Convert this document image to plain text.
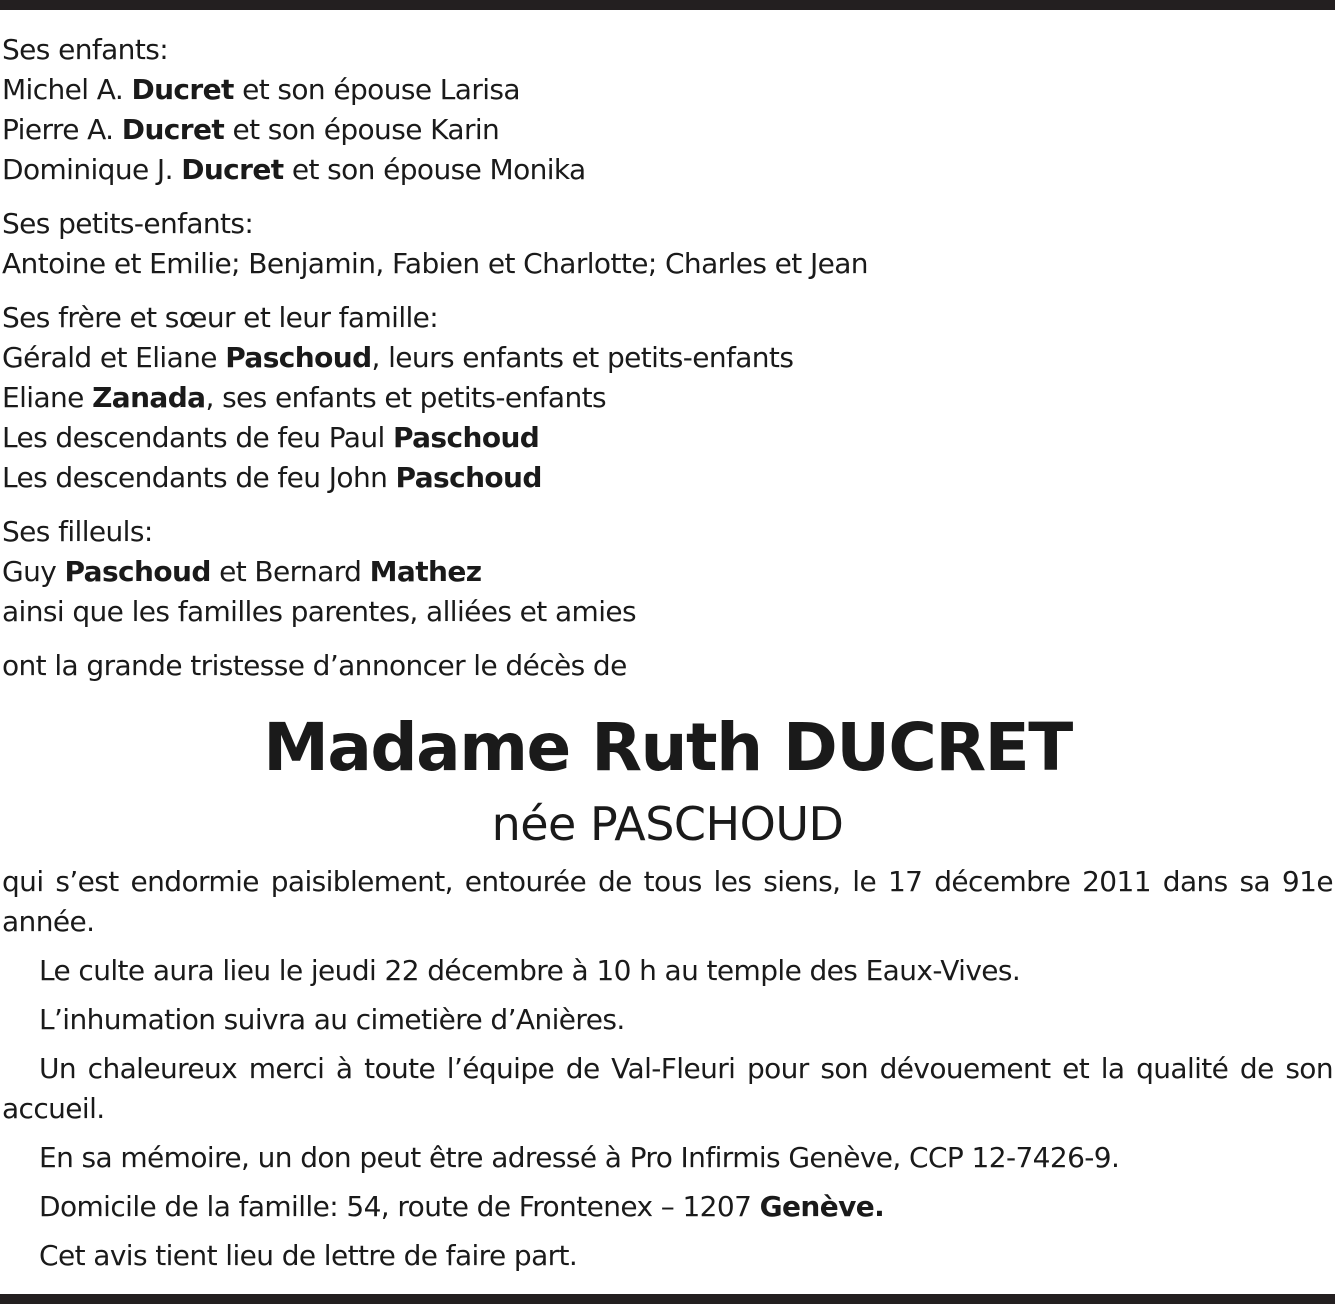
Ses enfants:
Michel A. Ducret et son épouse Larisa
Pierre A. Ducret et son épouse Karin
Dominique J. Ducret et son épouse Monika
Ses petits-enfants:
Antoine et Emilie; Benjamin, Fabien et Charlotte; Charles et Jean
Ses frère et sœur et leur famille:
Gérald et Eliane Paschoud, leurs enfants et petits-enfants
Eliane Zanada, ses enfants et petits-enfants
Les descendants de feu Paul Paschoud
Les descendants de feu John Paschoud
Ses filleuls:
Guy Paschoud et Bernard Mathez
ainsi que les familles parentes, alliées et amies
ont la grande tristesse d’annoncer le décès de
Madame Ruth DUCRET
née PASCHOUD
qui s’est endormie paisiblement, entourée de tous les siens, le 17 décembre 2011 dans sa 91e année.
Le culte aura lieu le jeudi 22 décembre à 10 h au temple des Eaux-Vives.
L’inhumation suivra au cimetière d’Anières.
Un chaleureux merci à toute l’équipe de Val-Fleuri pour son dévouement et la qualité de son accueil.
En sa mémoire, un don peut être adressé à Pro Infirmis Genève, CCP 12-7426-9.
Domicile de la famille: 54, route de Frontenex – 1207 Genève.
Cet avis tient lieu de lettre de faire part.
